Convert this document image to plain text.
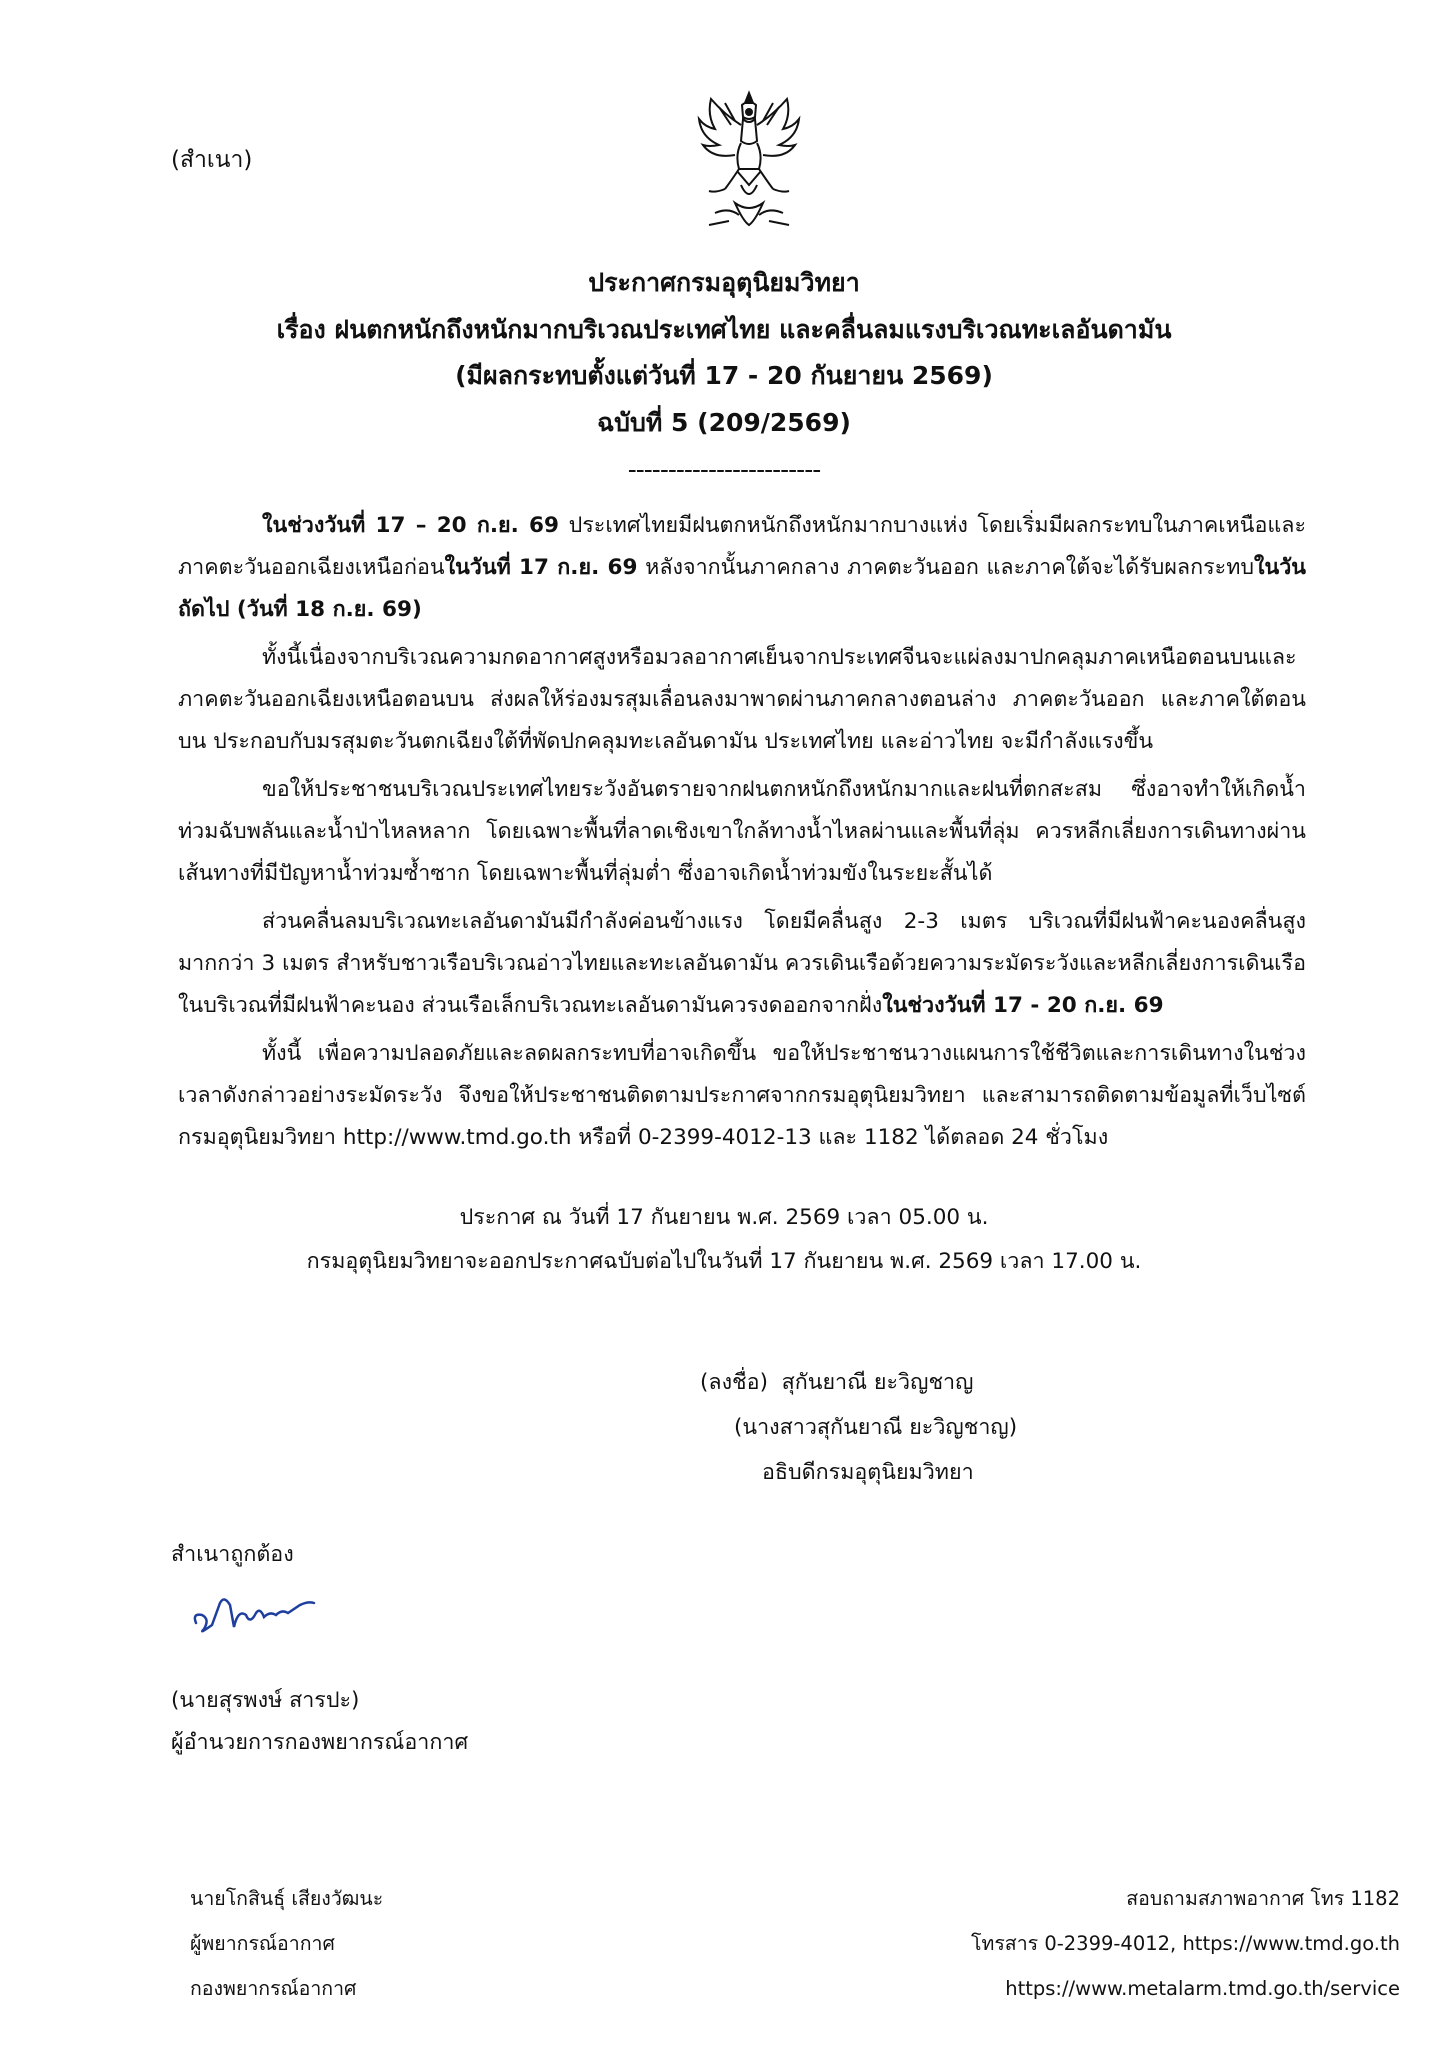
(สำเนา)
ประกาศกรมอุตุนิยมวิทยา
เรื่อง ฝนตกหนักถึงหนักมากบริเวณประเทศไทย และคลื่นลมแรงบริเวณทะเลอันดามัน
(มีผลกระทบตั้งแต่วันที่ 17 - 20 กันยายน 2569)
ฉบับที่ 5 (209/2569)
------------------------
ในช่วงวันที่ 17 – 20 ก.ย. 69 ประเทศไทยมีฝนตกหนักถึงหนักมากบางแห่ง โดยเริ่มมีผลกระทบในภาคเหนือและภาคตะวันออกเฉียงเหนือก่อนในวันที่ 17 ก.ย. 69 หลังจากนั้นภาคกลาง ภาคตะวันออก และภาคใต้จะได้รับผลกระทบในวันถัดไป (วันที่ 18 ก.ย. 69)
ทั้งนี้เนื่องจากบริเวณความกดอากาศสูงหรือมวลอากาศเย็นจากประเทศจีนจะแผ่ลงมาปกคลุมภาคเหนือตอนบนและภาคตะวันออกเฉียงเหนือตอนบน ส่งผลให้ร่องมรสุมเลื่อนลงมาพาดผ่านภาคกลางตอนล่าง ภาคตะวันออก และภาคใต้ตอนบน ประกอบกับมรสุมตะวันตกเฉียงใต้ที่พัดปกคลุมทะเลอันดามัน ประเทศไทย และอ่าวไทย จะมีกำลังแรงขึ้น
ขอให้ประชาชนบริเวณประเทศไทยระวังอันตรายจากฝนตกหนักถึงหนักมากและฝนที่ตกสะสม ซึ่งอาจทำให้เกิดน้ำท่วมฉับพลันและน้ำป่าไหลหลาก โดยเฉพาะพื้นที่ลาดเชิงเขาใกล้ทางน้ำไหลผ่านและพื้นที่ลุ่ม ควรหลีกเลี่ยงการเดินทางผ่านเส้นทางที่มีปัญหาน้ำท่วมซ้ำซาก โดยเฉพาะพื้นที่ลุ่มต่ำ ซึ่งอาจเกิดน้ำท่วมขังในระยะสั้นได้
ส่วนคลื่นลมบริเวณทะเลอันดามันมีกำลังค่อนข้างแรง โดยมีคลื่นสูง 2-3 เมตร บริเวณที่มีฝนฟ้าคะนองคลื่นสูงมากกว่า 3 เมตร สำหรับชาวเรือบริเวณอ่าวไทยและทะเลอันดามัน ควรเดินเรือด้วยความระมัดระวังและหลีกเลี่ยงการเดินเรือในบริเวณที่มีฝนฟ้าคะนอง ส่วนเรือเล็กบริเวณทะเลอันดามันควรงดออกจากฝั่งในช่วงวันที่ 17 - 20 ก.ย. 69
ทั้งนี้ เพื่อความปลอดภัยและลดผลกระทบที่อาจเกิดขึ้น ขอให้ประชาชนวางแผนการใช้ชีวิตและการเดินทางในช่วงเวลาดังกล่าวอย่างระมัดระวัง จึงขอให้ประชาชนติดตามประกาศจากกรมอุตุนิยมวิทยา และสามารถติดตามข้อมูลที่เว็บไซต์ กรมอุตุนิยมวิทยา http://www.tmd.go.th หรือที่ 0-2399-4012-13 และ 1182 ได้ตลอด 24 ชั่วโมง
ประกาศ ณ วันที่ 17 กันยายน พ.ศ. 2569 เวลา 05.00 น.
กรมอุตุนิยมวิทยาจะออกประกาศฉบับต่อไปในวันที่ 17 กันยายน พ.ศ. 2569 เวลา 17.00 น.
(ลงชื่อ)  สุกันยาณี ยะวิญชาญ
(นางสาวสุกันยาณี ยะวิญชาญ)
อธิบดีกรมอุตุนิยมวิทยา
สำเนาถูกต้อง
(นายสุรพงษ์ สารปะ)
ผู้อำนวยการกองพยากรณ์อากาศ
นายโกสินธุ์ เสียงวัฒนะ
ผู้พยากรณ์อากาศ
กองพยากรณ์อากาศ
สอบถามสภาพอากาศ โทร 1182
โทรสาร 0-2399-4012, https://www.tmd.go.th
https://www.metalarm.tmd.go.th/service
